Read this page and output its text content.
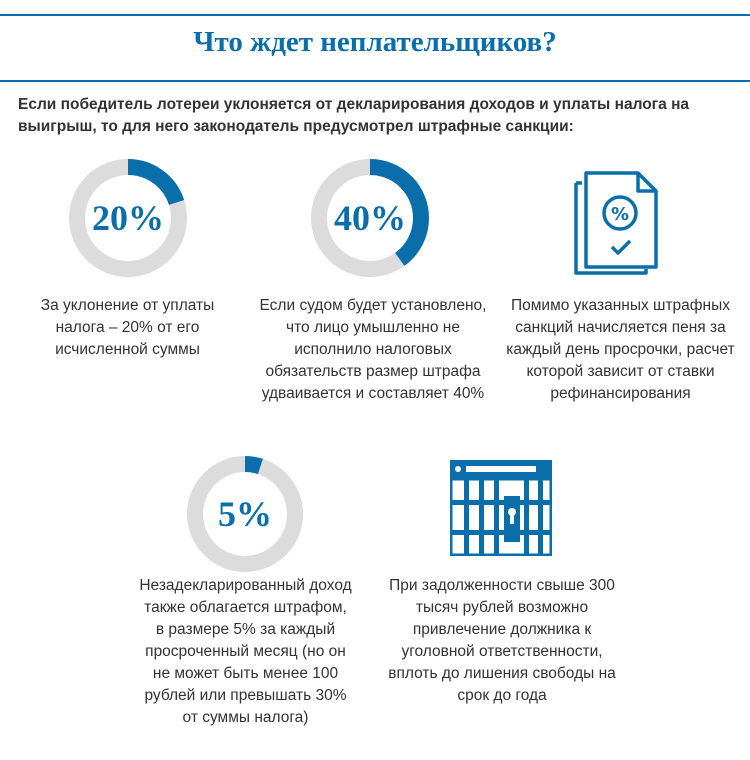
Что ждет неплательщиков?
Если победитель лотереи уклоняется от декларирования доходов и уплаты налога на выигрыш, то для него законодатель предусмотрел штрафные санкции:
20%
За уклонение от уплаты налога – 20% от его исчисленной суммы
40%
Если судом будет установлено, что лицо умышленно не исполнило налоговых обязательств размер штрафа удваивается и составляет 40%
%
Помимо указанных штрафных санкций начисляется пеня за каждый день просрочки, расчет которой зависит от ставки рефинансирования
5%
Незадекларированный доход также облагается штрафом, в размере 5% за каждый просроченный месяц (но он не может быть менее 100 рублей или превышать 30% от суммы налога)
При задолженности свыше 300 тысяч рублей возможно привлечение должника к уголовной ответственности, вплоть до лишения свободы на срок до года
